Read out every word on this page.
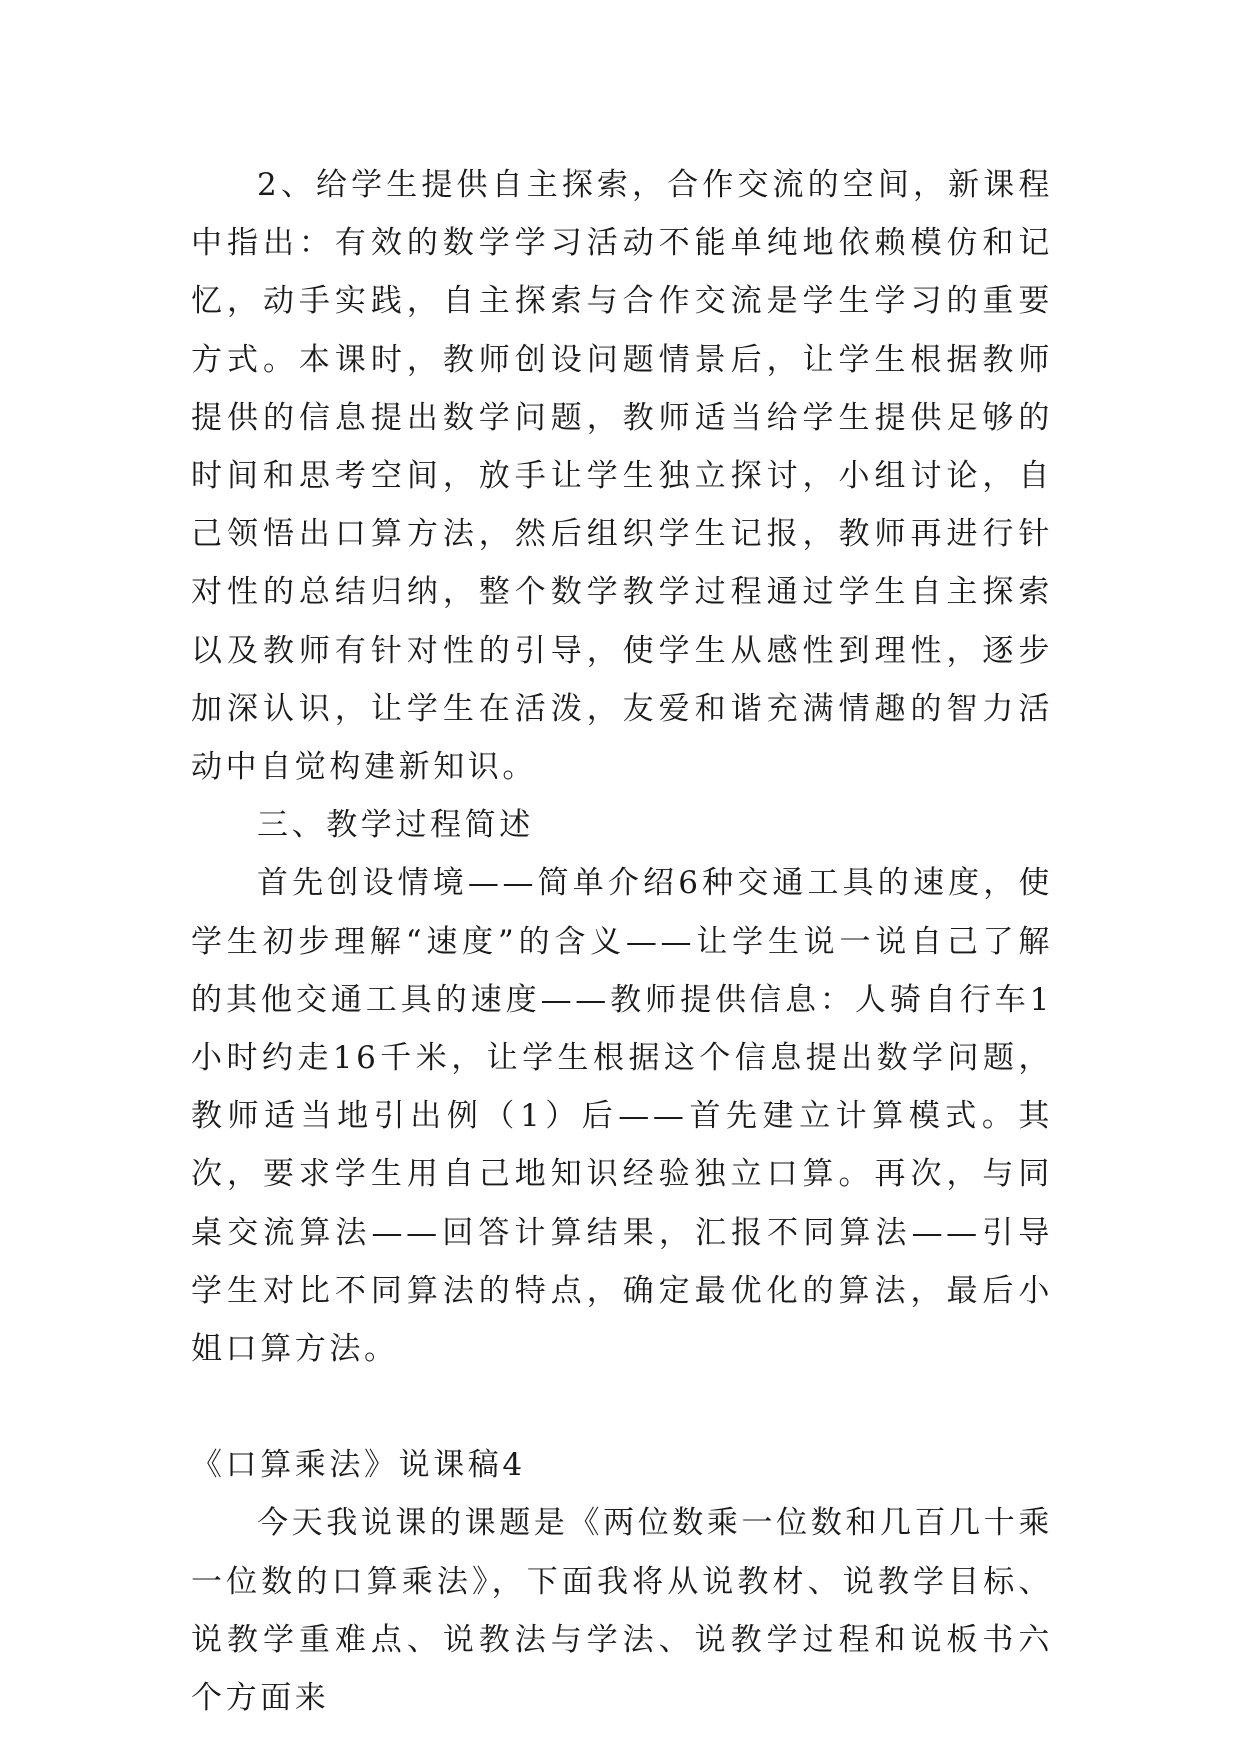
2、给学生提供自主探索，合作交流的空间，新课程中指出：有效的数学学习活动不能单纯地依赖模仿和记忆，动手实践，自主探索与合作交流是学生学习的重要方式。本课时，教师创设问题情景后，让学生根据教师提供的信息提出数学问题，教师适当给学生提供足够的时间和思考空间，放手让学生独立探讨，小组讨论，自己领悟出口算方法，然后组织学生记报，教师再进行针对性的总结归纳，整个数学教学过程通过学生自主探索以及教师有针对性的引导，使学生从感性到理性，逐步加深认识，让学生在活泼，友爱和谐充满情趣的智力活动中自觉构建新知识。

三、教学过程简述

首先创设情境——简单介绍6种交通工具的速度，使学生初步理解“速度”的含义——让学生说一说自己了解的其他交通工具的速度——教师提供信息：人骑自行车1小时约走16千米，让学生根据这个信息提出数学问题，教师适当地引出例（1）后——首先建立计算模式。其次，要求学生用自己地知识经验独立口算。再次，与同桌交流算法——回答计算结果，汇报不同算法——引导学生对比不同算法的特点，确定最优化的算法，最后小姐口算方法。

《口算乘法》说课稿4

今天我说课的课题是《两位数乘一位数和几百几十乘一位数的口算乘法》，下面我将从说教材、说教学目标、说教学重难点、说教法与学法、说教学过程和说板书六个方面来
